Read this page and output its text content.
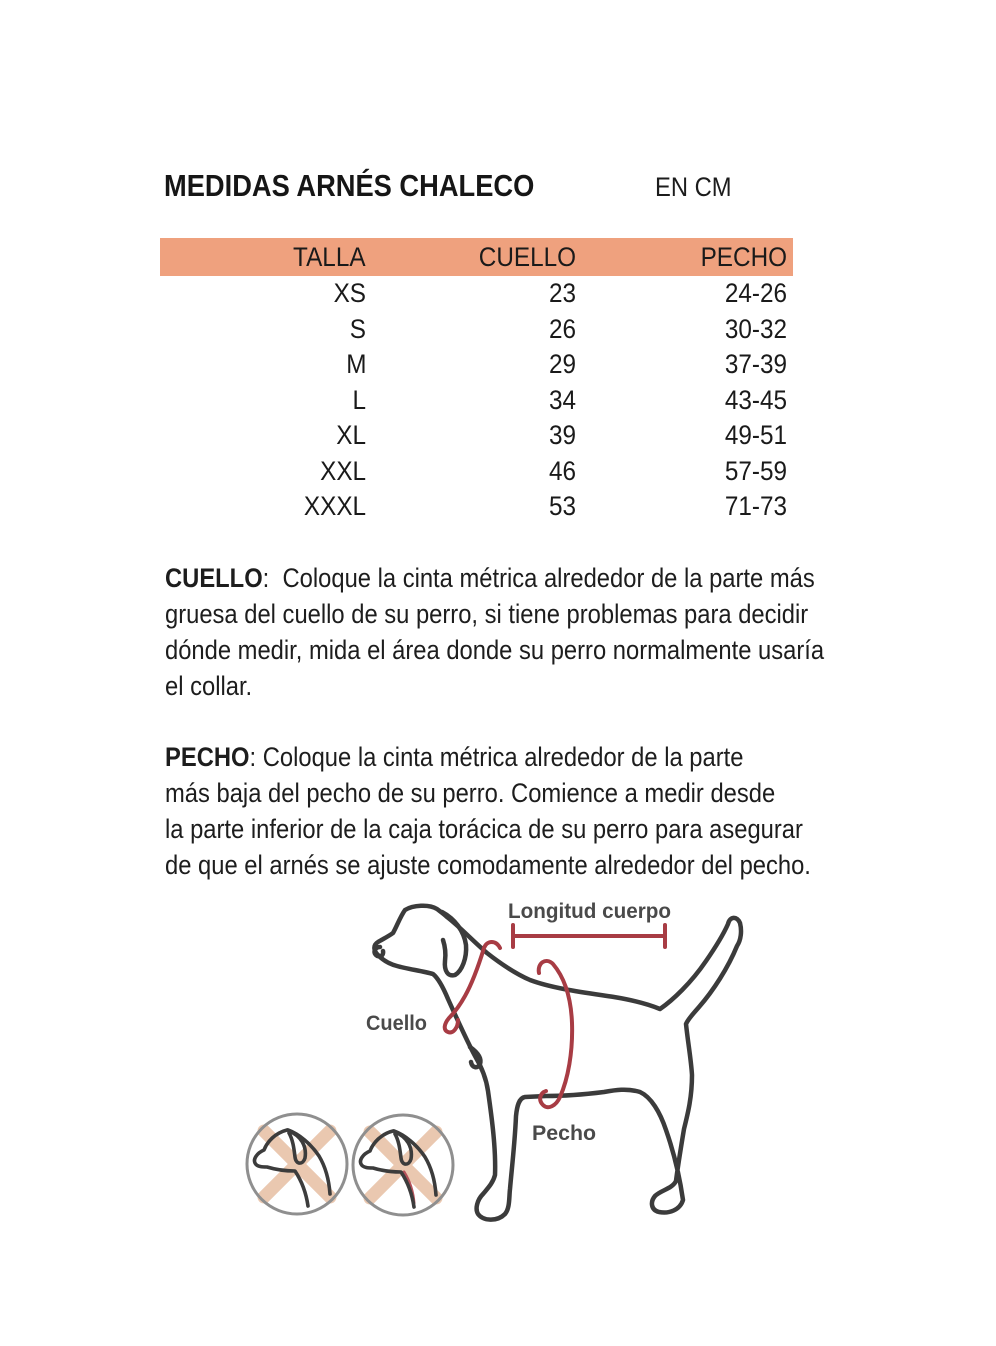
MEDIDAS ARNÉS CHALECO	EN CM
TALLA	CUELLO	PECHO
XS	23	24-26
S	26	30-32
M	29	37-39
L	34	43-45
XL	39	49-51
XXL	46	57-59
XXXL	53	71-73
CUELLO:  Coloque la cinta métrica alrededor de la parte más
gruesa del cuello de su perro, si tiene problemas para decidir
dónde medir, mida el área donde su perro normalmente usaría
el collar.
PECHO: Coloque la cinta métrica alrededor de la parte
más baja del pecho de su perro. Comience a medir desde
la parte inferior de la caja torácica de su perro para asegurar
de que el arnés se ajuste comodamente alrededor del pecho.
Longitud cuerpo
Cuello
Pecho
